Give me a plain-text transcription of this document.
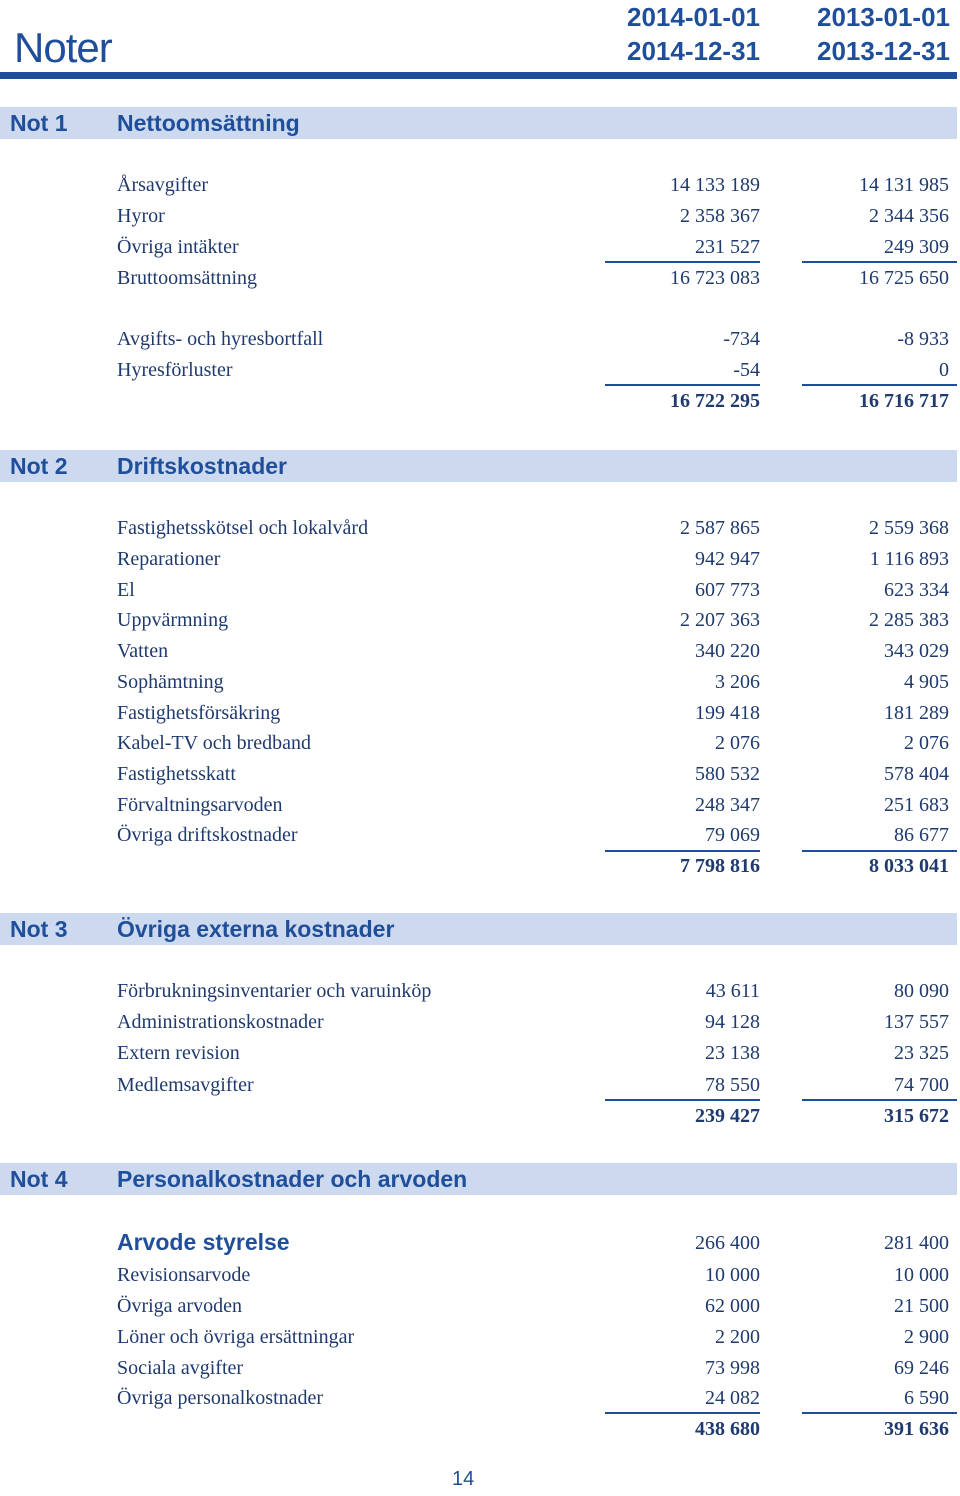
Noter
2014-01-01
2014-12-31
2013-01-01
2013-12-31
Not 1 Nettoomsättning
Årsavgifter	14 133 189	14 131 985
Hyror	2 358 367	2 344 356
Övriga intäkter	231 527	249 309
Bruttoomsättning	16 723 083	16 725 650
Avgifts- och hyresbortfall	-734	-8 933
Hyresförluster	-54	0
16 722 295	16 716 717
Not 2 Driftskostnader
Fastighetsskötsel och lokalvård	2 587 865	2 559 368
Reparationer	942 947	1 116 893
El	607 773	623 334
Uppvärmning	2 207 363	2 285 383
Vatten	340 220	343 029
Sophämtning	3 206	4 905
Fastighetsförsäkring	199 418	181 289
Kabel-TV och bredband	2 076	2 076
Fastighetsskatt	580 532	578 404
Förvaltningsarvoden	248 347	251 683
Övriga driftskostnader	79 069	86 677
7 798 816	8 033 041
Not 3 Övriga externa kostnader
Förbrukningsinventarier och varuinköp	43 611	80 090
Administrationskostnader	94 128	137 557
Extern revision	23 138	23 325
Medlemsavgifter	78 550	74 700
239 427	315 672
Not 4 Personalkostnader och arvoden
Arvode styrelse	266 400	281 400
Revisionsarvode	10 000	10 000
Övriga arvoden	62 000	21 500
Löner och övriga ersättningar	2 200	2 900
Sociala avgifter	73 998	69 246
Övriga personalkostnader	24 082	6 590
438 680	391 636
14
